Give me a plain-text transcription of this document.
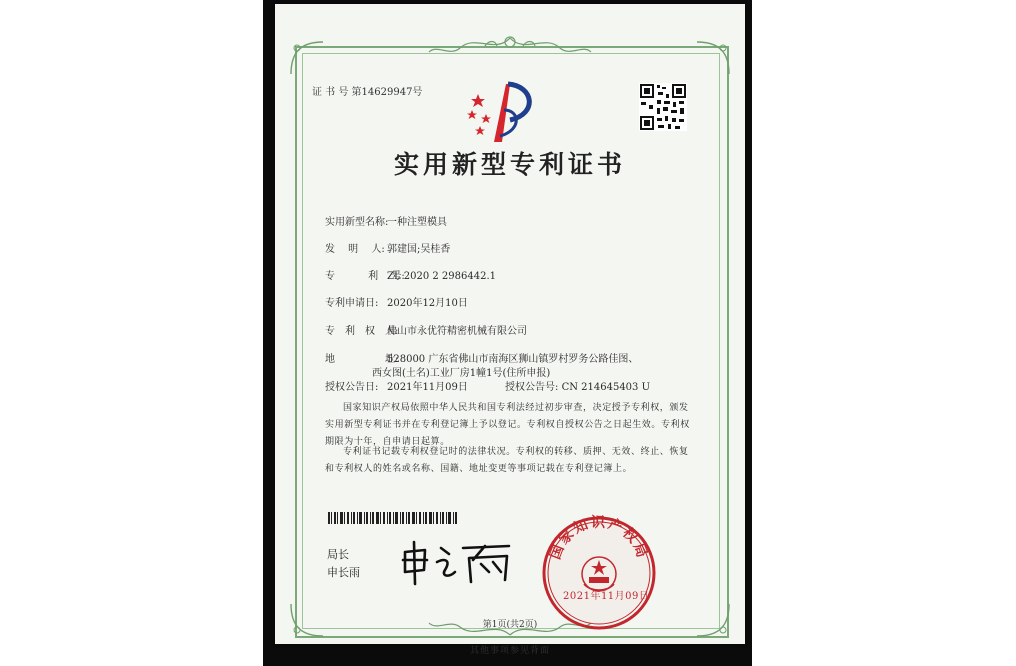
证 书 号 第14629947号
实用新型专利证书
实用新型名称:一种注塑模具
发　 明　 人: 郭建国;吴桂香
专　　　 利　 号:ZL 2020 2 2986442.1
专利申请日: 2020年12月10日
专　利　权　人:佛山市永优符精密机械有限公司
地　　　　　址:528000 广东省佛山市南海区狮山镇罗村罗务公路佳图、
西女图(土名)工业厂房1幢1号(住所申报)
授权公告日: 2021年11月09日	授权公告号: CN 214645403 U
国家知识产权局依照中华人民共和国专利法经过初步审查，决定授予专利权，颁发实用新型专利证书并在专利登记簿上予以登记。专利权自授权公告之日起生效。专利权期限为十年，自申请日起算。
专利证书记载专利权登记时的法律状况。专利权的转移、质押、无效、终止、恢复和专利权人的姓名或名称、国籍、地址变更等事项记载在专利登记簿上。
局长
申长雨
国家知识产权局
2021年11月09日
第1页(共2页)
其他事项参见背面
